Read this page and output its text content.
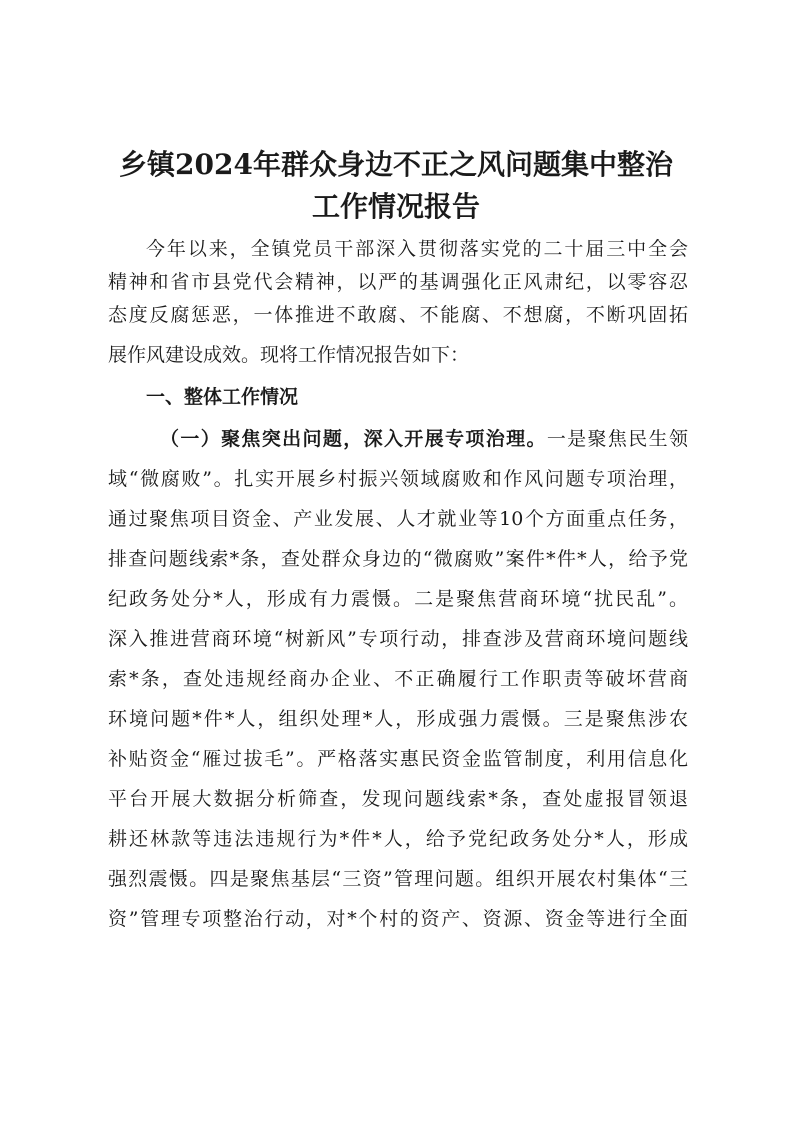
乡镇2024年群众身边不正之风问题集中整治
工作情况报告
今年以来，全镇党员干部深入贯彻落实党的二十届三中全会
精神和省市县党代会精神，以严的基调强化正风肃纪，以零容忍
态度反腐惩恶，一体推进不敢腐、不能腐、不想腐，不断巩固拓
展作风建设成效。现将工作情况报告如下：
一、整体工作情况
（一）聚焦突出问题，深入开展专项治理。一是聚焦民生领
域“微腐败”。扎实开展乡村振兴领域腐败和作风问题专项治理，
通过聚焦项目资金、产业发展、人才就业等10个方面重点任务，
排查问题线索*条，查处群众身边的“微腐败”案件*件*人，给予党
纪政务处分*人，形成有力震慑。二是聚焦营商环境“扰民乱”。
深入推进营商环境“树新风”专项行动，排查涉及营商环境问题线
索*条，查处违规经商办企业、不正确履行工作职责等破坏营商
环境问题*件*人，组织处理*人，形成强力震慑。三是聚焦涉农
补贴资金“雁过拔毛”。严格落实惠民资金监管制度，利用信息化
平台开展大数据分析筛查，发现问题线索*条，查处虚报冒领退
耕还林款等违法违规行为*件*人，给予党纪政务处分*人，形成
强烈震慑。四是聚焦基层“三资”管理问题。组织开展农村集体“三
资”管理专项整治行动，对*个村的资产、资源、资金等进行全面
